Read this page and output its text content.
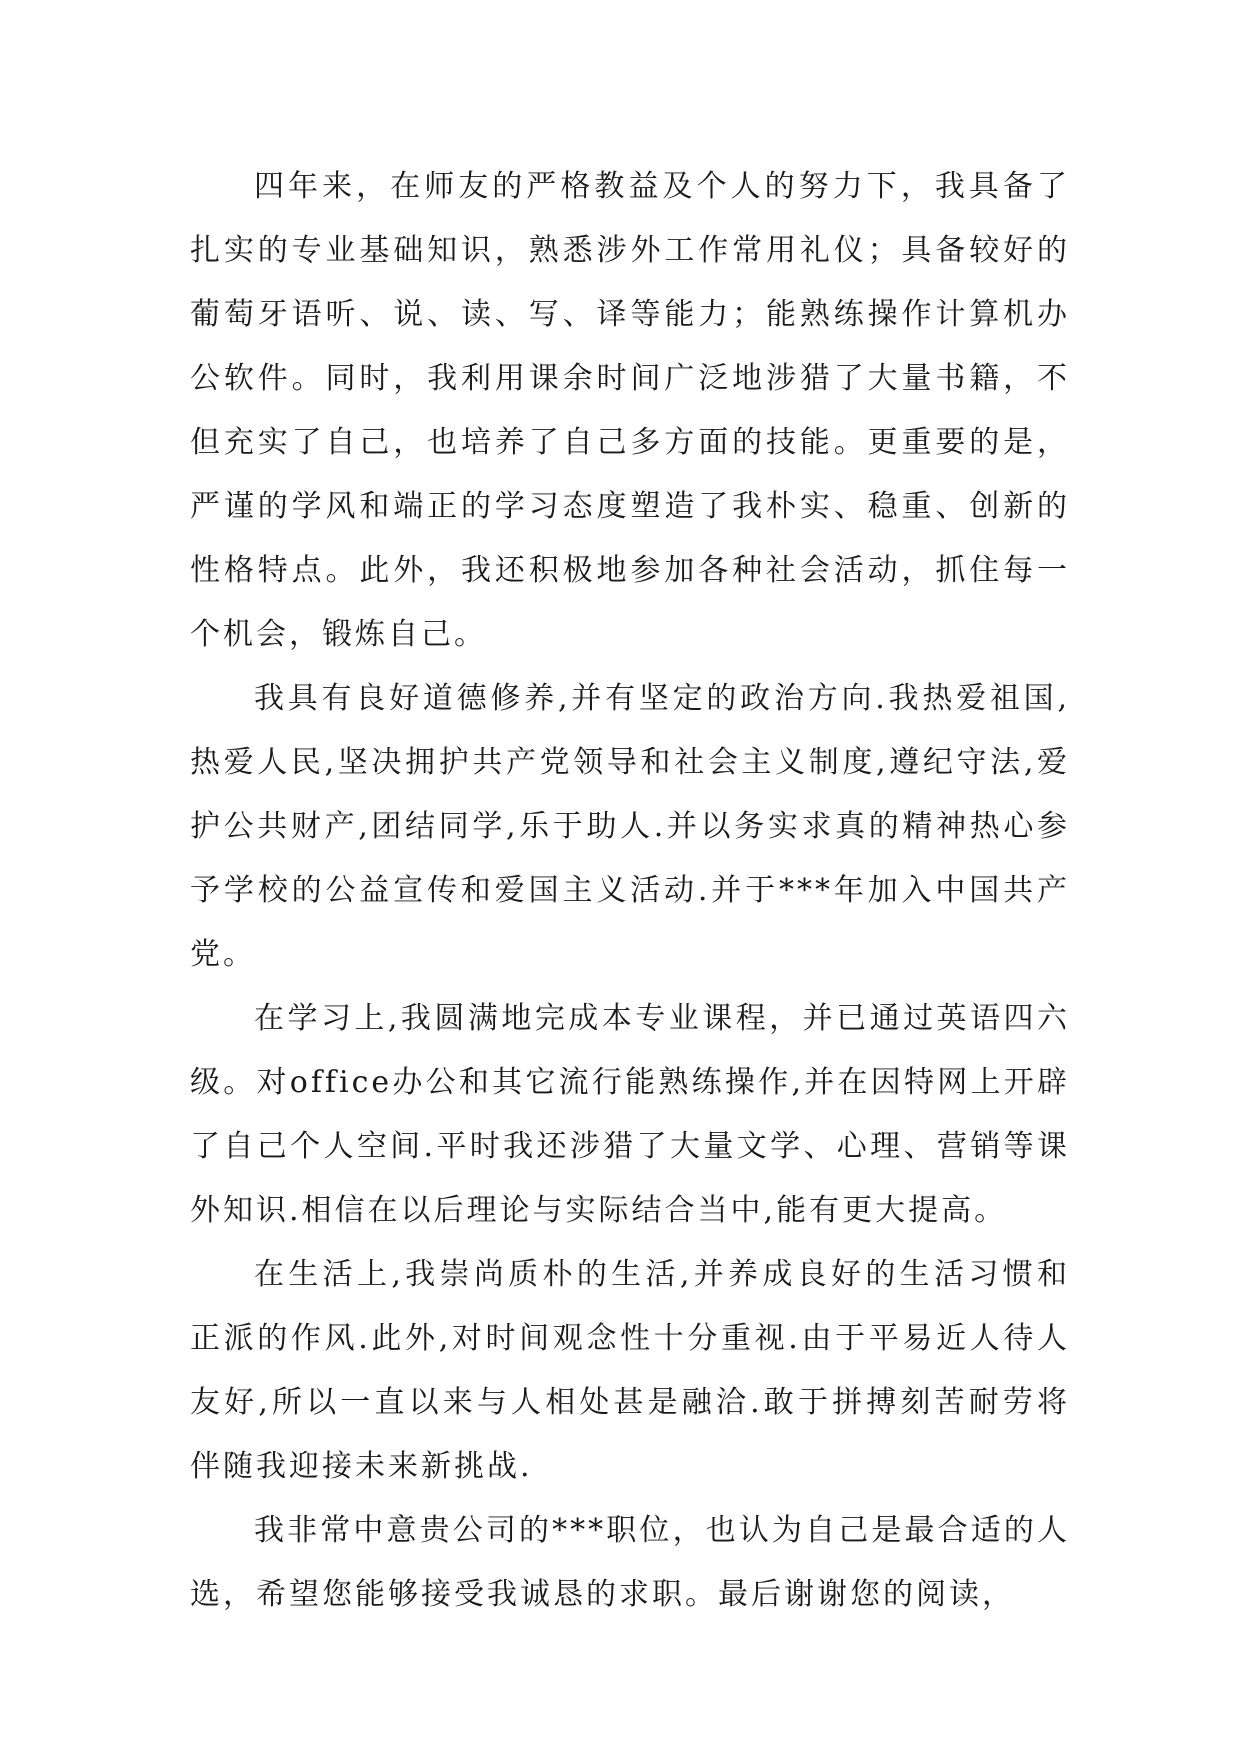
四年来，在师友的严格教益及个人的努力下，我具备了扎实的专业基础知识，熟悉涉外工作常用礼仪；具备较好的葡萄牙语听、说、读、写、译等能力；能熟练操作计算机办公软件。同时，我利用课余时间广泛地涉猎了大量书籍，不但充实了自己，也培养了自己多方面的技能。更重要的是，严谨的学风和端正的学习态度塑造了我朴实、稳重、创新的性格特点。此外，我还积极地参加各种社会活动，抓住每一个机会，锻炼自己。

我具有良好道德修养,并有坚定的政治方向.我热爱祖国,热爱人民,坚决拥护共产党领导和社会主义制度,遵纪守法,爱护公共财产,团结同学,乐于助人.并以务实求真的精神热心参予学校的公益宣传和爱国主义活动.并于***年加入中国共产党。

在学习上,我圆满地完成本专业课程，并已通过英语四六级。对office办公和其它流行能熟练操作,并在因特网上开辟了自己个人空间.平时我还涉猎了大量文学、心理、营销等课外知识.相信在以后理论与实际结合当中,能有更大提高。

在生活上,我崇尚质朴的生活,并养成良好的生活习惯和正派的作风.此外,对时间观念性十分重视.由于平易近人待人友好,所以一直以来与人相处甚是融洽.敢于拼搏刻苦耐劳将伴随我迎接未来新挑战.

我非常中意贵公司的***职位，也认为自己是最合适的人选，希望您能够接受我诚恳的求职。最后谢谢您的阅读，
